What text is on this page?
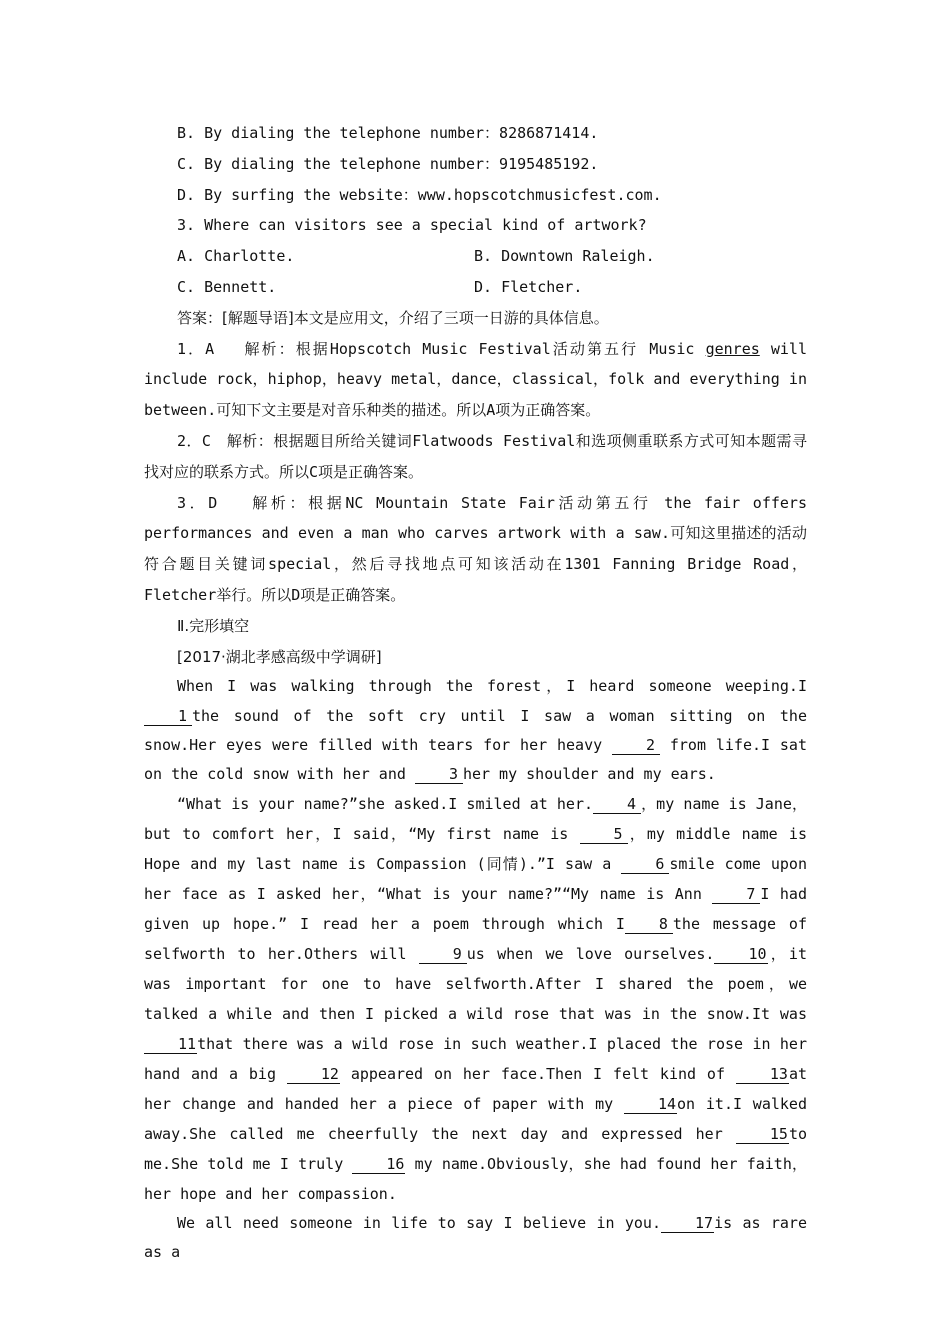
B. By dialing the telephone number：8286871414.

C. By dialing the telephone number：9195485192.

D. By surfing the website：www.hopscotchmusicfest.com.

3. Where can visitors see a special kind of artwork?

A. Charlotte.	B. Downtown Raleigh.
C. Bennett.	D. Fletcher.

答案：[解题导语]本文是应用文，介绍了三项一日游的具体信息。

1．A　 解析：根据Hopscotch Music Festival活动第五行 Music genres will include rock，hiphop，heavy metal，dance，classical，folk and everything in between.可知下文主要是对音乐种类的描述。所以A项为正确答案。

2．C　解析：根据题目所给关键词Flatwoods Festival和选项侧重联系方式可知本题需寻找对应的联系方式。所以C项是正确答案。

3．D　 解析：根据NC Mountain State Fair活动第五行 the fair offers performances and even a man who carves artwork with a saw.可知这里描述的活动符合题目关键词special，然后寻找地点可知该活动在1301 Fanning Bridge Road，Fletcher举行。所以D项是正确答案。

Ⅱ.完形填空

[2017·湖北孝感高级中学调研]

When I was walking through the forest，I heard someone weeping.I 1 the sound of the soft cry until I saw a woman sitting on the snow.Her eyes were filled with tears for her heavy 2 from life.I sat on the cold snow with her and 3 her my shoulder and my ears.

“What is your name?”she asked.I smiled at her. 4 ，my name is Jane，but to comfort her，I said，“My first name is 5 ，my middle name is Hope and my last name is Compassion (同情).”I saw a 6 smile come upon her face as I asked her，“What is your name?”“My name is Ann 7 I had given up hope.” I read her a poem through which I 8 the message of selfworth to her.Others will 9 us when we love ourselves. 10，it was important for one to have selfworth.After I shared the poem，we talked a while and then I picked a wild rose that was in the snow.It was 11that there was a wild rose in such weather.I placed the rose in her hand and a big 12 appeared on her face.Then I felt kind of 13at her change and handed her a piece of paper with my 14on it.I walked away.She called me cheerfully the next day and expressed her 15to me.She told me I truly 16 my name.Obviously，she had found her faith，her hope and her compassion.

We all need someone in life to say I believe in you. 17is as rare as a
